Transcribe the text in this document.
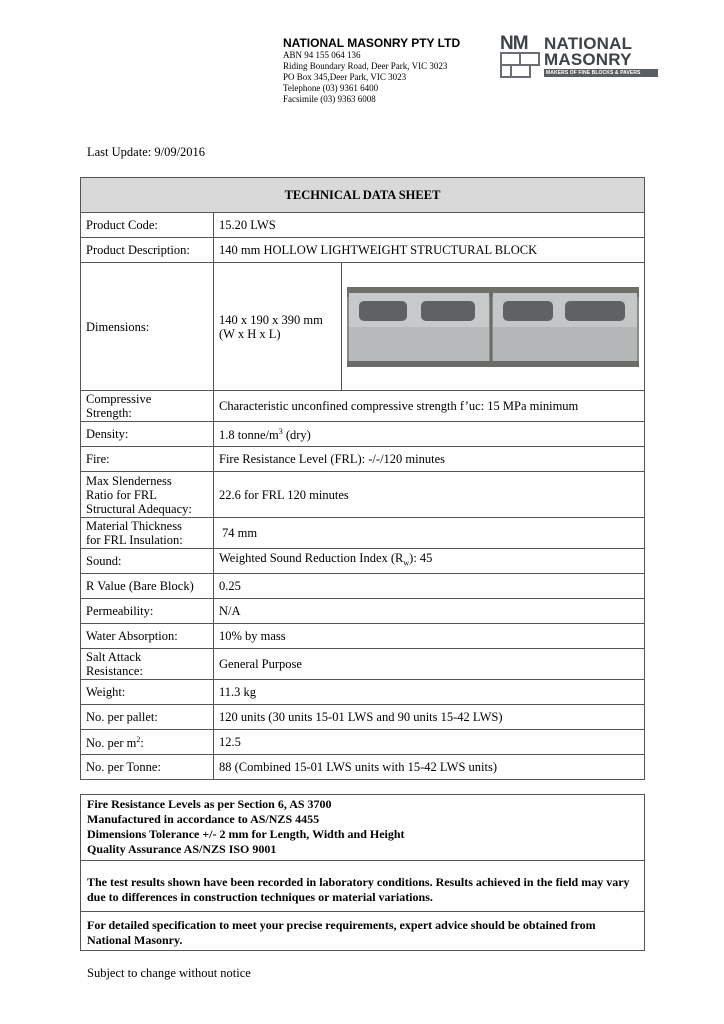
NATIONAL MASONRY PTY LTD

ABN 94 155 064 136

Riding Boundary Road, Deer Park, VIC 3023

PO Box 345,Deer Park, VIC 3023

Telephone (03) 9361 6400

Facsimile (03) 9363 6008

NM NATIONAL
MASONRY
MAKERS OF FINE BLOCKS & PAVERS
Last Update: 9/09/2016
TECHNICAL DATA SHEET		
Product Code:	15.20 LWS	
Product Description:	140 mm HOLLOW LIGHTWEIGHT STRUCTURAL BLOCK	
Dimensions:	140 x 190 x 390 mm
(W x H x L)

Compressive
Strength:	Characteristic unconfined compressive strength f’uc: 15 MPa minimum	
Density:	1.8 tonne/$m^3$ (dry)	
Fire:	Fire Resistance Level (FRL): -/-/120 minutes	

Max Slenderness
Ratio for FRL
Structural Adequacy:	22.6 for FRL 120 minutes	

Material Thickness
for FRL Insulation:	74 mm	
Sound:	Weighted Sound Reduction Index $(R_w)$: 45	
R Value (Bare Block)	0.25	
Permeability:	N/A	
Water Absorption:	10% by mass	

Salt Attack
Resistance:	General Purpose	
Weight:	11.3 kg	
No. per pallet:	120 units (30 units 15-01 LWS and 90 units 15-42 LWS)	
No. per $m^2$:	12.5	
No. per Tonne:	88 (Combined 15-01 LWS units with 15-42 LWS units)	
Fire Resistance Levels as per Section 6, AS 3700
Manufactured in accordance to AS/NZS 4455
Dimensions Tolerance +/- 2 mm for Length, Width and Height
Quality Assurance AS/NZS ISO 9001
The test results shown have been recorded in laboratory conditions. Results achieved in the field may vary due to differences in construction techniques or material variations.
For detailed specification to meet your precise requirements, expert advice should be obtained from National Masonry.
Subject to change without notice
